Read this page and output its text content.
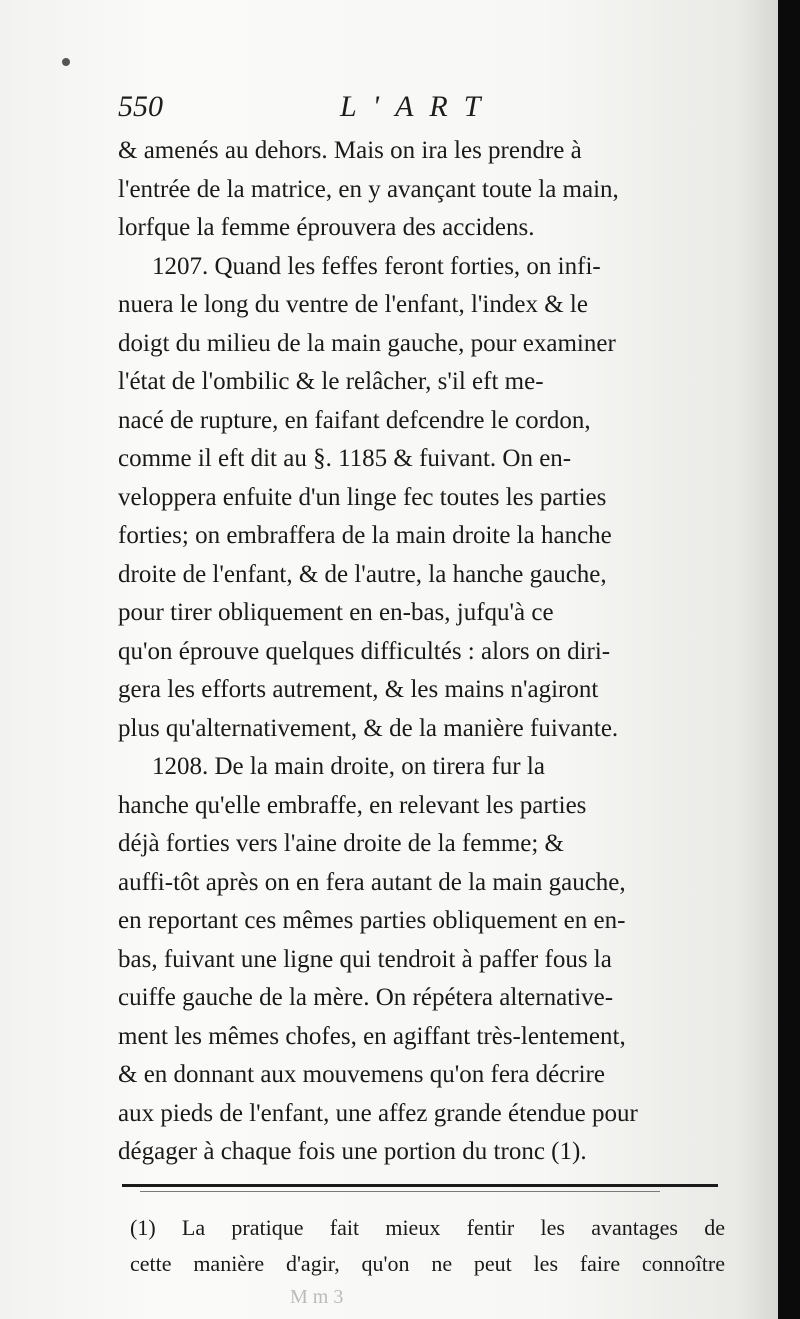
550	L'ART

& amenés au dehors. Mais on ira les prendre à

l'entrée de la matrice, en y avançant toute la main,

lorfque la femme éprouvera des accidens.

1207. Quand les feffes feront forties, on infi-

nuera le long du ventre de l'enfant, l'index & le

doigt du milieu de la main gauche, pour examiner

l'état de l'ombilic & le relâcher, s'il eft me-

nacé de rupture, en faifant defcendre le cordon,

comme il eft dit au §. 1185 & fuivant. On en-

veloppera enfuite d'un linge fec toutes les parties

forties; on embraffera de la main droite la hanche

droite de l'enfant, & de l'autre, la hanche gauche,

pour tirer obliquement en en-bas, jufqu'à ce

qu'on éprouve quelques difficultés : alors on diri-

gera les efforts autrement, & les mains n'agiront

plus qu'alternativement, & de la manière fuivante.

1208. De la main droite, on tirera fur la

hanche qu'elle embraffe, en relevant les parties

déjà forties vers l'aine droite de la femme; &

auffi-tôt après on en fera autant de la main gauche,

en reportant ces mêmes parties obliquement en en-

bas, fuivant une ligne qui tendroit à paffer fous la

cuiffe gauche de la mère. On répétera alternative-

ment les mêmes chofes, en agiffant très-lentement,

& en donnant aux mouvemens qu'on fera décrire

aux pieds de l'enfant, une affez grande étendue pour

dégager à chaque fois une portion du tronc (1).

(1) La pratique fait mieux fentir les avantages de
cette manière d'agir, qu'on ne peut les faire connoître
M m 3
